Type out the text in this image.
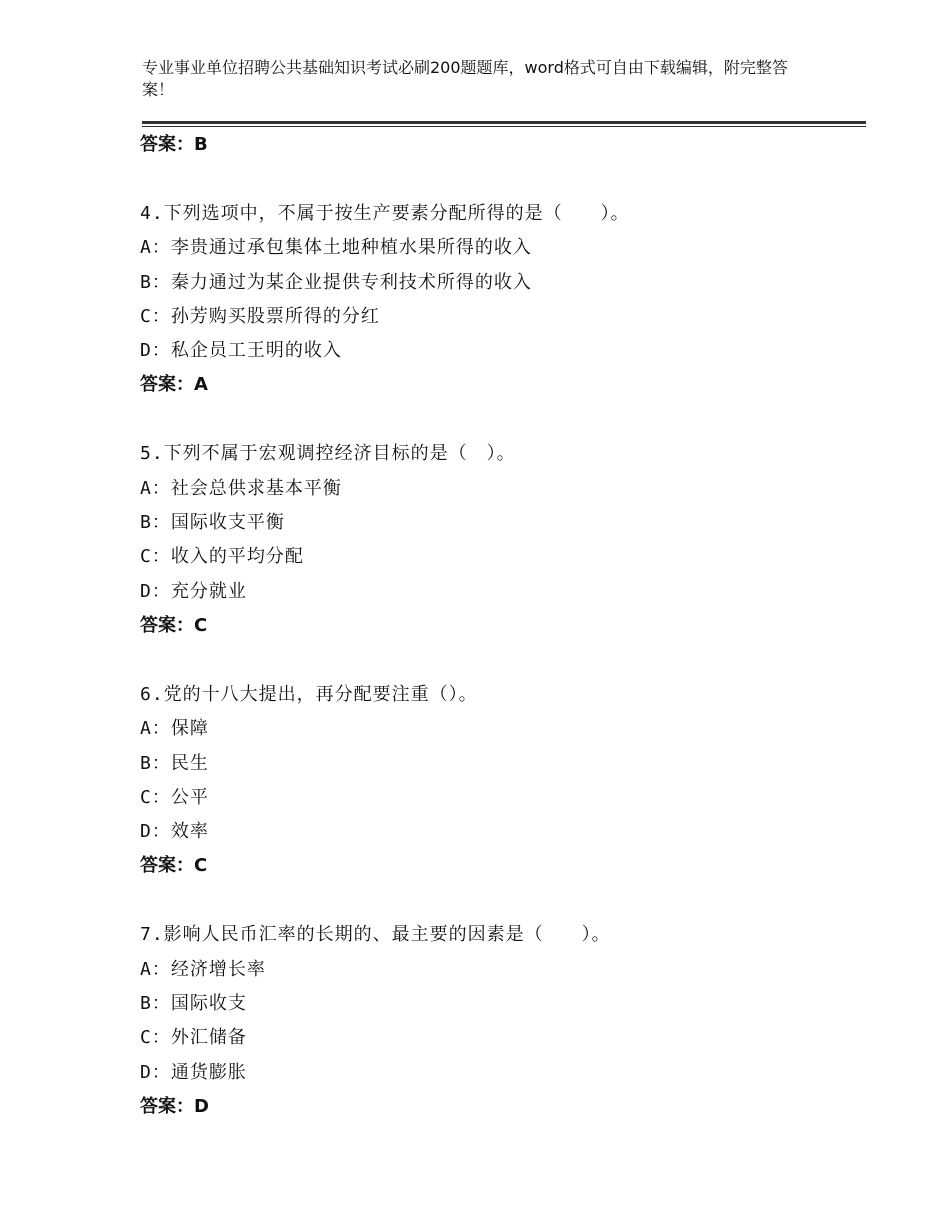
专业事业单位招聘公共基础知识考试必刷200题题库，word格式可自由下载编辑，附完整答案！
答案：B
4.下列选项中，不属于按生产要素分配所得的是（　　）。
A：李贵通过承包集体土地种植水果所得的收入
B：秦力通过为某企业提供专利技术所得的收入
C：孙芳购买股票所得的分红
D：私企员工王明的收入
答案：A
5.下列不属于宏观调控经济目标的是（　）。
A：社会总供求基本平衡
B：国际收支平衡
C：收入的平均分配
D：充分就业
答案：C
6.党的十八大提出，再分配要注重（）。
A：保障
B：民生
C：公平
D：效率
答案：C
7.影响人民币汇率的长期的、最主要的因素是（　　）。
A：经济增长率
B：国际收支
C：外汇储备
D：通货膨胀
答案：D
